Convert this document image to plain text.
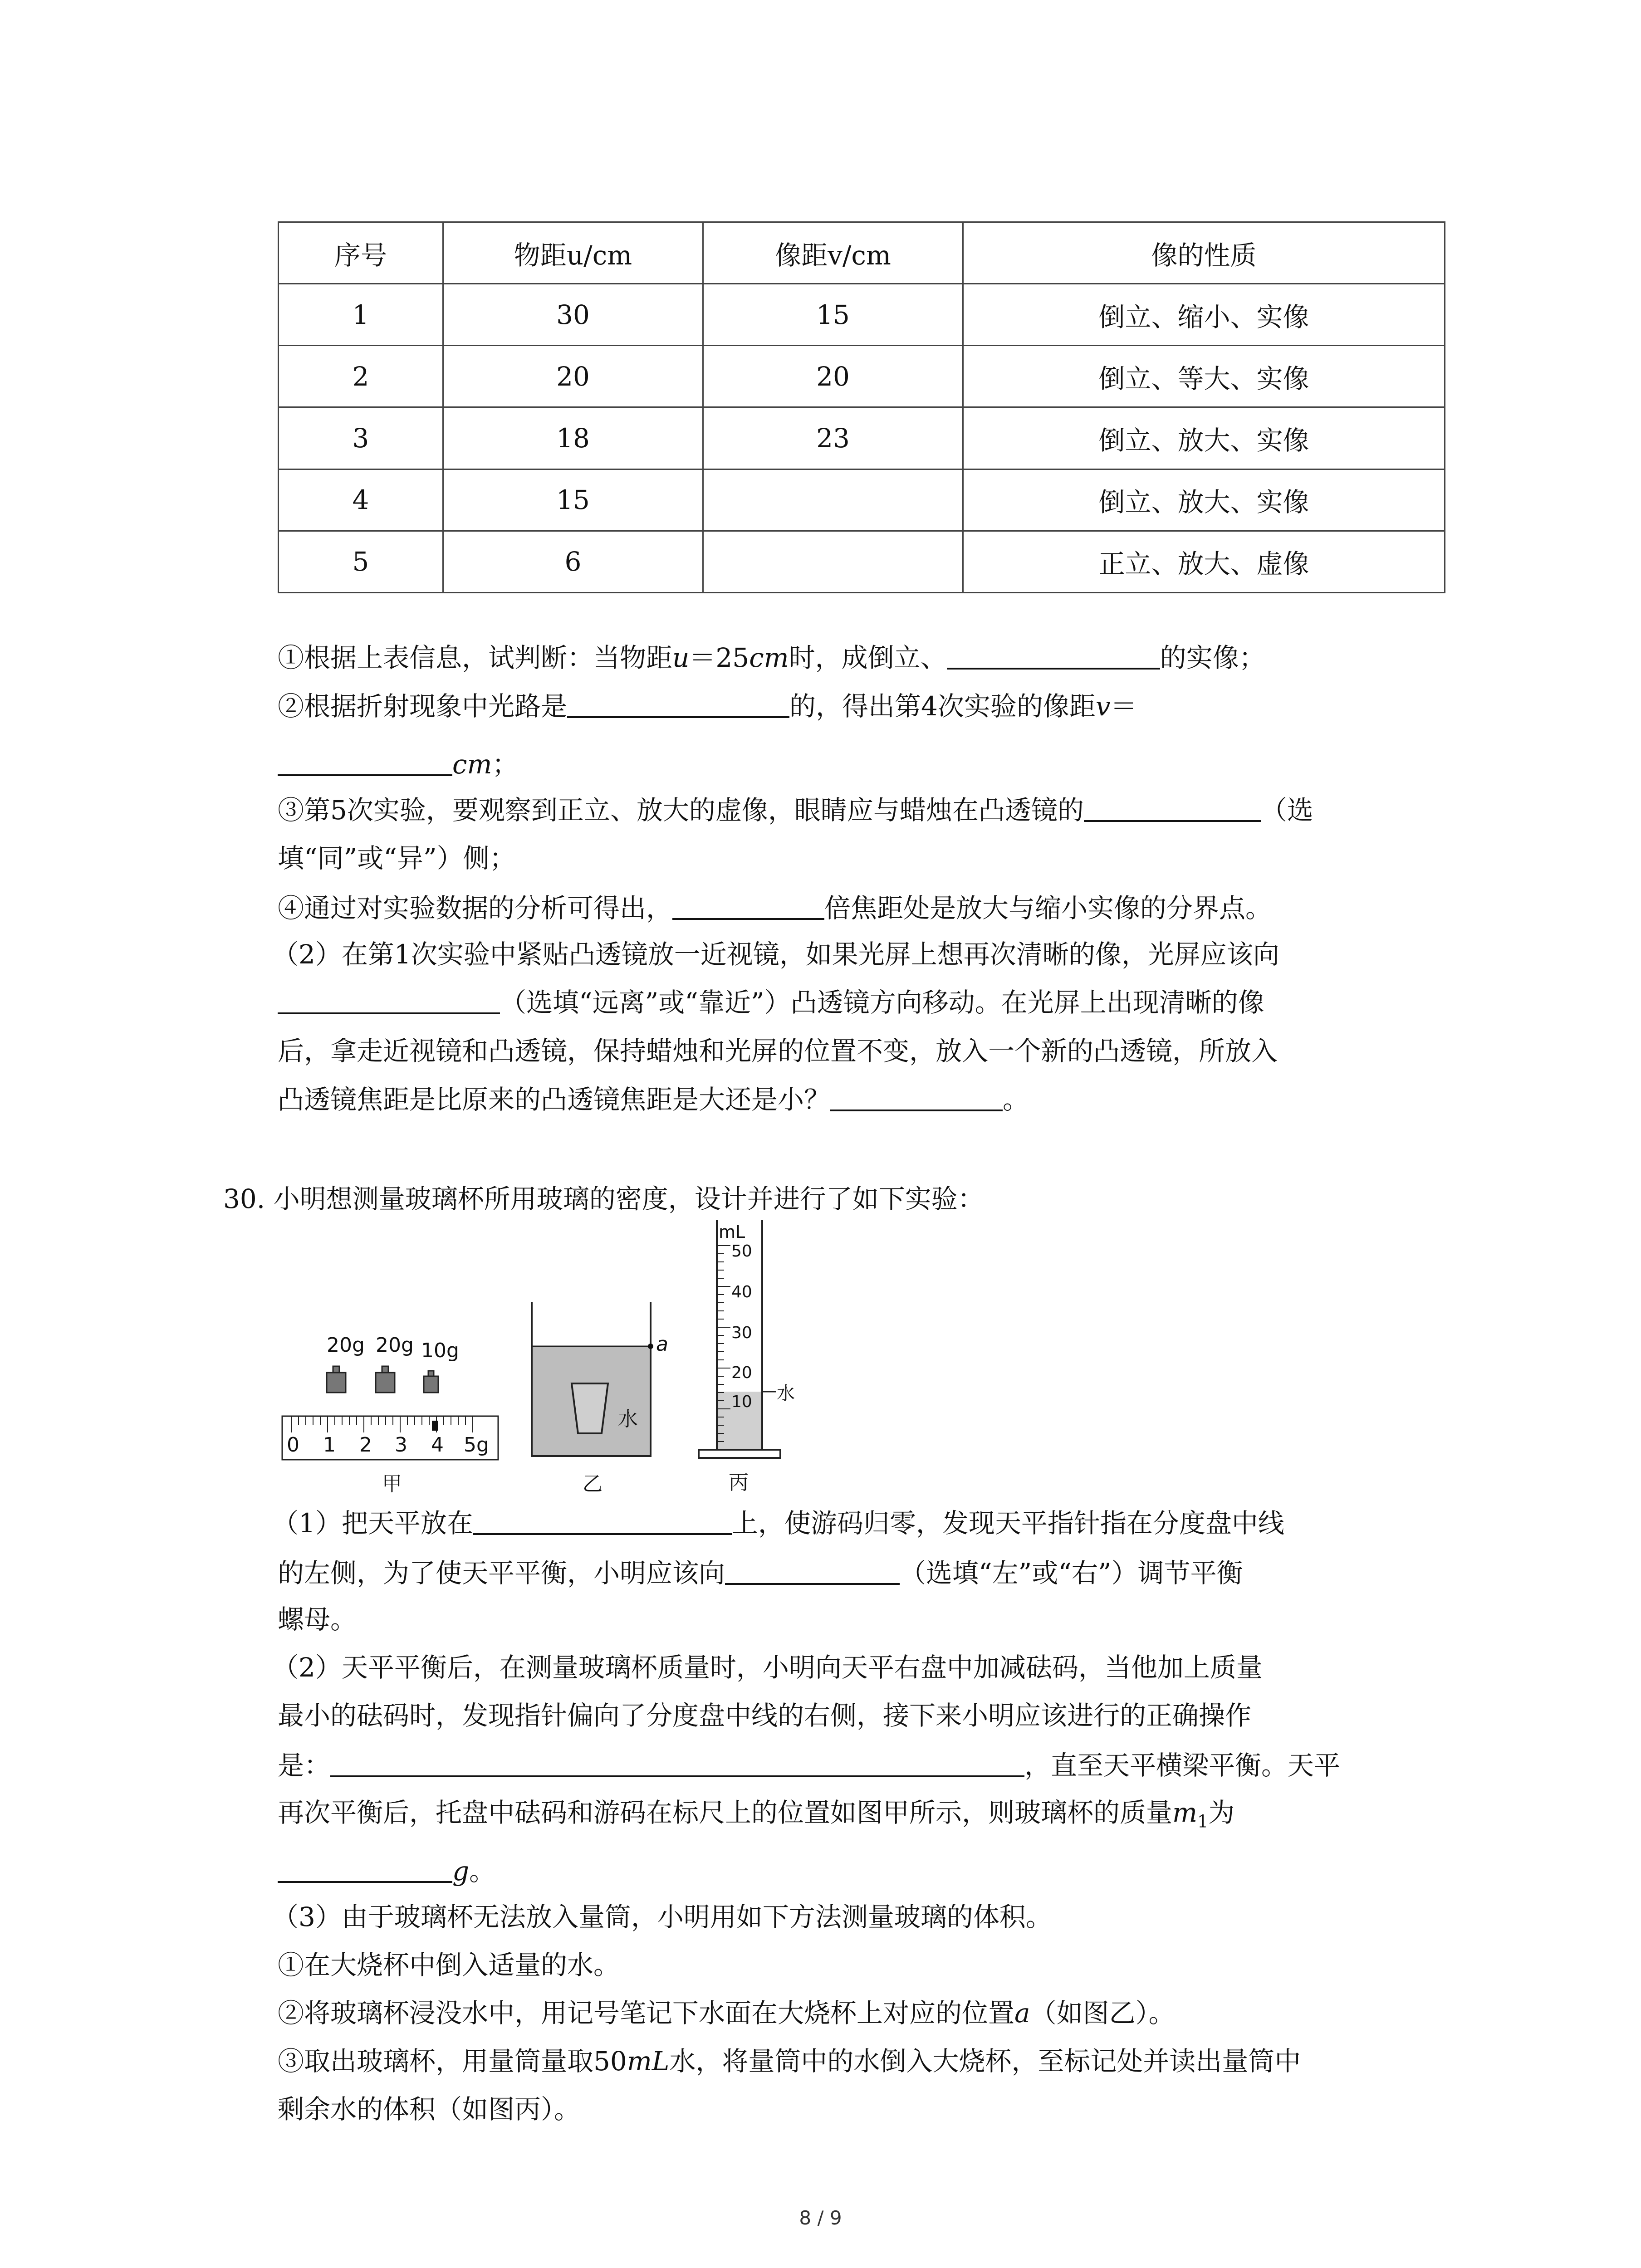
序号	物距u/cm	像距v/cm	像的性质
1	30	15	倒立、缩小、实像
2	20	20	倒立、等大、实像
3	18	23	倒立、放大、实像
4	15		倒立、放大、实像
5	6		正立、放大、虚像
①根据上表信息，试判断：当物距u＝25cm时，成倒立、	的实像；
②根据折射现象中光路是	的，得出第4次实验的像距v＝
cm；
③第5次实验，要观察到正立、放大的虚像，眼睛应与蜡烛在凸透镜的	（选
填“同”或“异”）侧；
④通过对实验数据的分析可得出，	倍焦距处是放大与缩小实像的分界点。
（2）在第1次实验中紧贴凸透镜放一近视镜，如果光屏上想再次清晰的像，光屏应该向
（选填“远离”或“靠近”）凸透镜方向移动。在光屏上出现清晰的像
后，拿走近视镜和凸透镜，保持蜡烛和光屏的位置不变，放入一个新的凸透镜，所放入
凸透镜焦距是比原来的凸透镜焦距是大还是小？	。
30. 小明想测量玻璃杯所用玻璃的密度，设计并进行了如下实验：
20g 20g 10g
0 1 2 3 4 5g
甲
a
水
乙
mL
50
40
30
20
10 水
丙
（1）把天平放在	上，使游码归零，发现天平指针指在分度盘中线
的左侧，为了使天平平衡，小明应该向	（选填“左”或“右”）调节平衡
螺母。
（2）天平平衡后，在测量玻璃杯质量时，小明向天平右盘中加减砝码，当他加上质量
最小的砝码时，发现指针偏向了分度盘中线的右侧，接下来小明应该进行的正确操作
是：	，直至天平横梁平衡。天平
再次平衡后，托盘中砝码和游码在标尺上的位置如图甲所示，则玻璃杯的质量$m_1$为
g。
（3）由于玻璃杯无法放入量筒，小明用如下方法测量玻璃的体积。
①在大烧杯中倒入适量的水。
②将玻璃杯浸没水中，用记号笔记下水面在大烧杯上对应的位置a（如图乙）。
③取出玻璃杯，用量筒量取50mL水，将量筒中的水倒入大烧杯，至标记处并读出量筒中
剩余水的体积（如图丙）。
8 / 9
